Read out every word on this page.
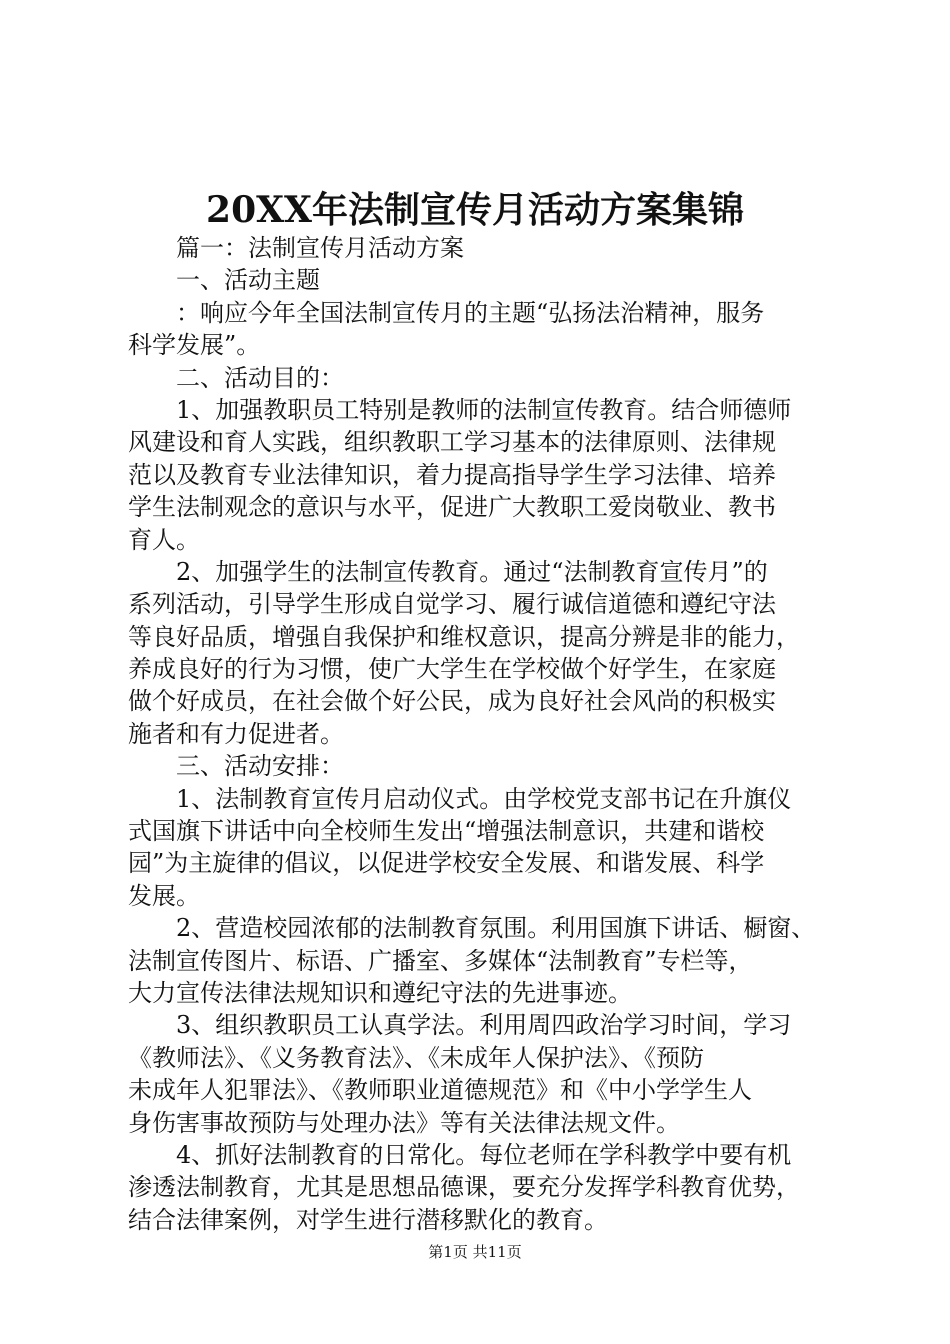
20XX年法制宣传月活动方案集锦
篇一：法制宣传月活动方案
一、活动主题
：响应今年全国法制宣传月的主题“弘扬法治精神，服务
科学发展”。
二、活动目的：
1、加强教职员工特别是教师的法制宣传教育。结合师德师
风建设和育人实践，组织教职工学习基本的法律原则、法律规
范以及教育专业法律知识，着力提高指导学生学习法律、培养
学生法制观念的意识与水平，促进广大教职工爱岗敬业、教书
育人。
2、加强学生的法制宣传教育。通过“法制教育宣传月”的
系列活动，引导学生形成自觉学习、履行诚信道德和遵纪守法
等良好品质，增强自我保护和维权意识，提高分辨是非的能力，
养成良好的行为习惯，使广大学生在学校做个好学生，在家庭
做个好成员，在社会做个好公民，成为良好社会风尚的积极实
施者和有力促进者。
三、活动安排：
1、法制教育宣传月启动仪式。由学校党支部书记在升旗仪
式国旗下讲话中向全校师生发出“增强法制意识，共建和谐校
园”为主旋律的倡议，以促进学校安全发展、和谐发展、科学
发展。
2、营造校园浓郁的法制教育氛围。利用国旗下讲话、橱窗、
法制宣传图片、标语、广播室、多媒体“法制教育”专栏等，
大力宣传法律法规知识和遵纪守法的先进事迹。
3、组织教职员工认真学法。利用周四政治学习时间，学习
《教师法》、《义务教育法》、《未成年人保护法》、《预防
未成年人犯罪法》、《教师职业道德规范》和《中小学学生人
身伤害事故预防与处理办法》等有关法律法规文件。
4、抓好法制教育的日常化。每位老师在学科教学中要有机
渗透法制教育，尤其是思想品德课，要充分发挥学科教育优势，
结合法律案例，对学生进行潜移默化的教育。
第1页 共11页
